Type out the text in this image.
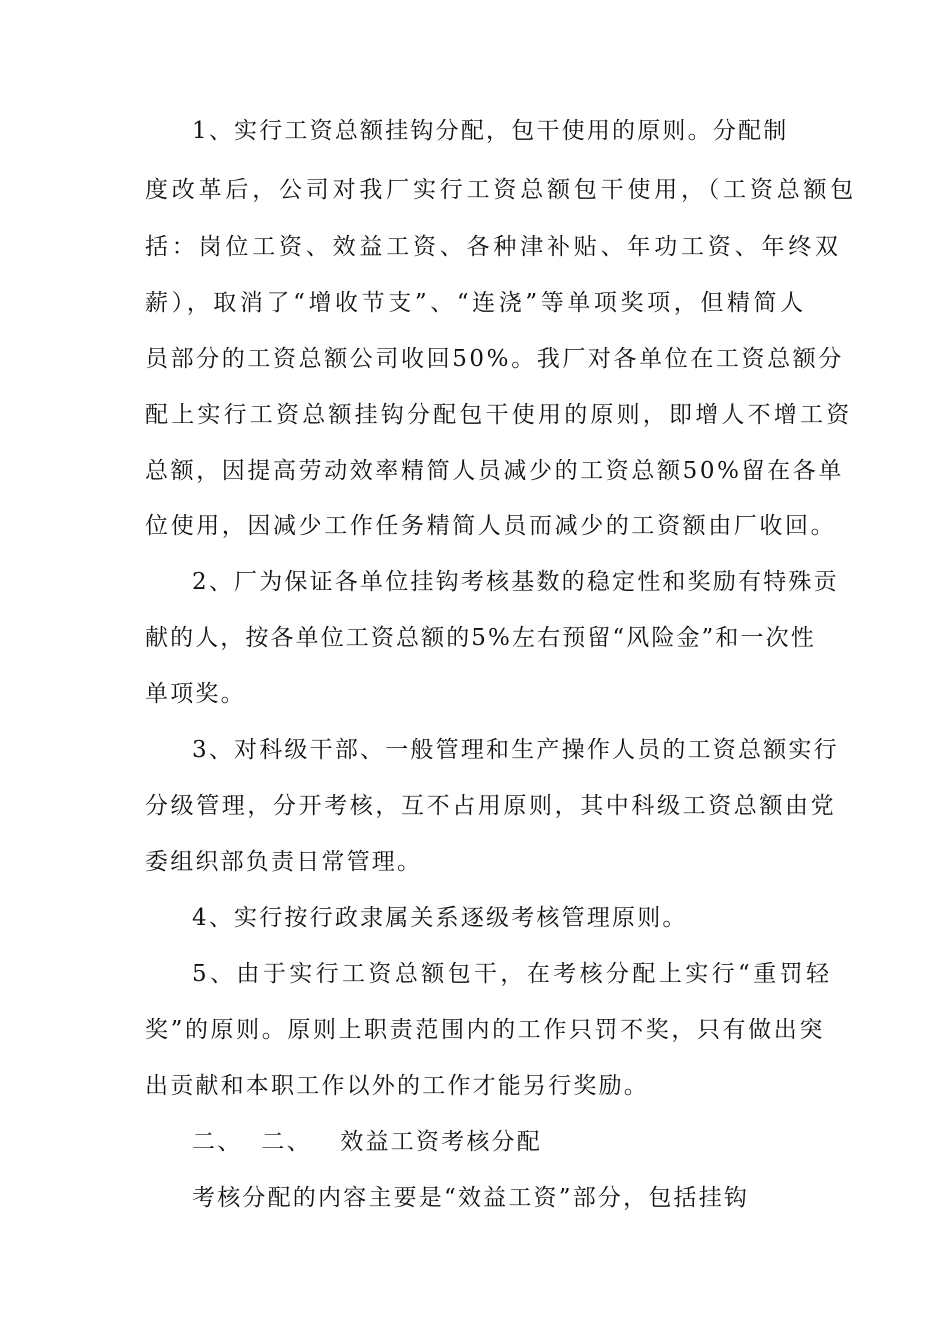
1、实行工资总额挂钩分配，包干使用的原则。分配制
度改革后，公司对我厂实行工资总额包干使用，（工资总额包
括：岗位工资、效益工资、各种津补贴、年功工资、年终双
薪），取消了“增收节支”、“连浇”等单项奖项，但精简人
员部分的工资总额公司收回50%。我厂对各单位在工资总额分
配上实行工资总额挂钩分配包干使用的原则，即增人不增工资
总额，因提高劳动效率精简人员减少的工资总额50%留在各单
位使用，因减少工作任务精简人员而减少的工资额由厂收回。
2、厂为保证各单位挂钩考核基数的稳定性和奖励有特殊贡
献的人，按各单位工资总额的5%左右预留“风险金”和一次性
单项奖。
3、对科级干部、一般管理和生产操作人员的工资总额实行
分级管理，分开考核，互不占用原则，其中科级工资总额由党
委组织部负责日常管理。
4、实行按行政隶属关系逐级考核管理原则。
5、由于实行工资总额包干，在考核分配上实行“重罚轻
奖”的原则。原则上职责范围内的工作只罚不奖，只有做出突
出贡献和本职工作以外的工作才能另行奖励。
二、  二、   效益工资考核分配
考核分配的内容主要是“效益工资”部分，包括挂钩
